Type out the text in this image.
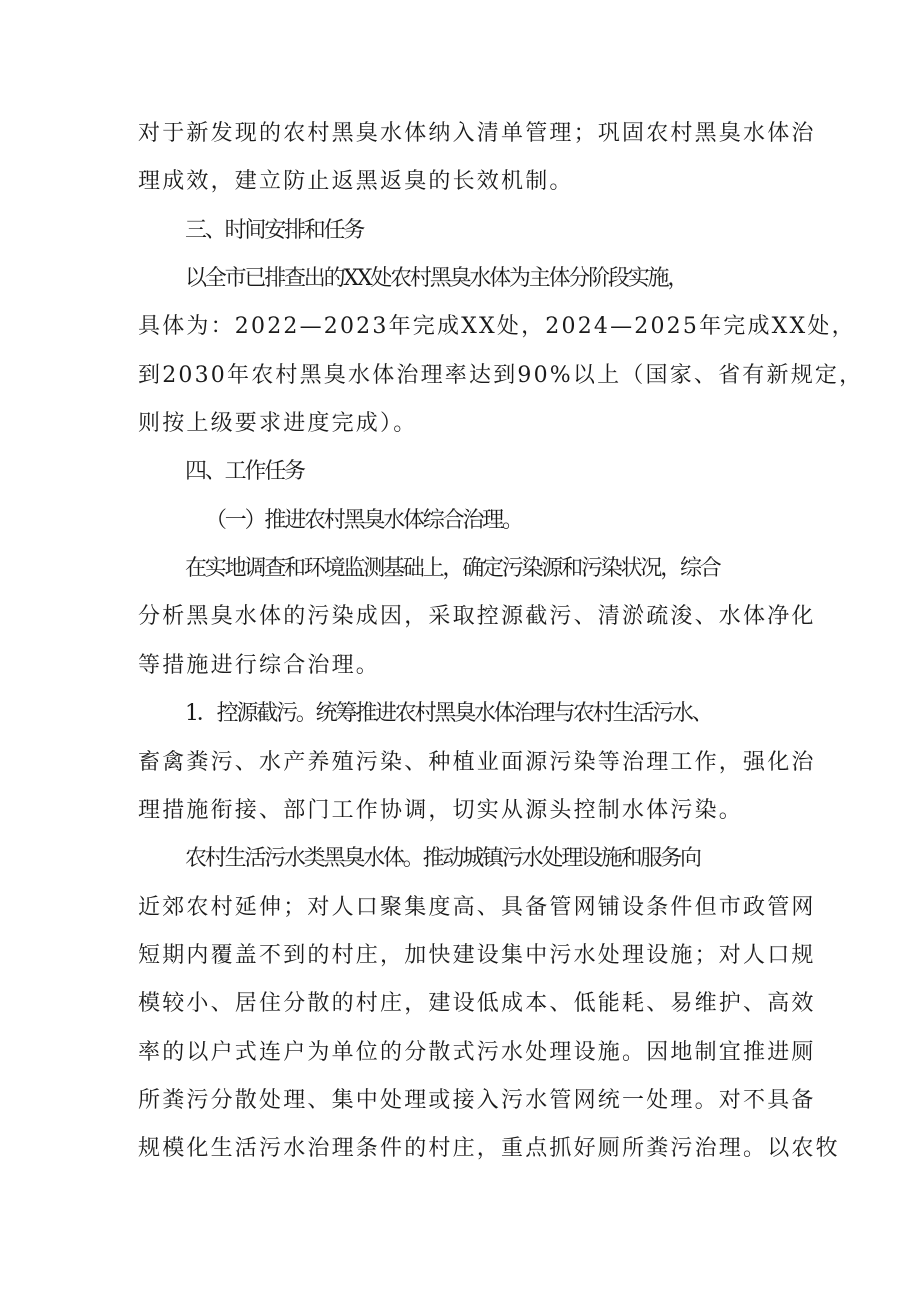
对于新发现的农村黑臭水体纳入清单管理；巩固农村黑臭水体治
理成效，建立防止返黑返臭的长效机制。
三、时间安排和任务
以全市已排查出的XX处农村黑臭水体为主体分阶段实施，
具体为：2022—2023年完成XX处，2024—2025年完成XX处，
到2030年农村黑臭水体治理率达到90%以上（国家、省有新规定，
则按上级要求进度完成）。
四、工作任务
（一）推进农村黑臭水体综合治理。
在实地调查和环境监测基础上，确定污染源和污染状况，综合
分析黑臭水体的污染成因，采取控源截污、清淤疏浚、水体净化
等措施进行综合治理。
1．控源截污。统筹推进农村黑臭水体治理与农村生活污水、
畜禽粪污、水产养殖污染、种植业面源污染等治理工作，强化治
理措施衔接、部门工作协调，切实从源头控制水体污染。
农村生活污水类黑臭水体。推动城镇污水处理设施和服务向
近郊农村延伸；对人口聚集度高、具备管网铺设条件但市政管网
短期内覆盖不到的村庄，加快建设集中污水处理设施；对人口规
模较小、居住分散的村庄，建设低成本、低能耗、易维护、高效
率的以户式连户为单位的分散式污水处理设施。因地制宜推进厕
所粪污分散处理、集中处理或接入污水管网统一处理。对不具备
规模化生活污水治理条件的村庄，重点抓好厕所粪污治理。以农牧
